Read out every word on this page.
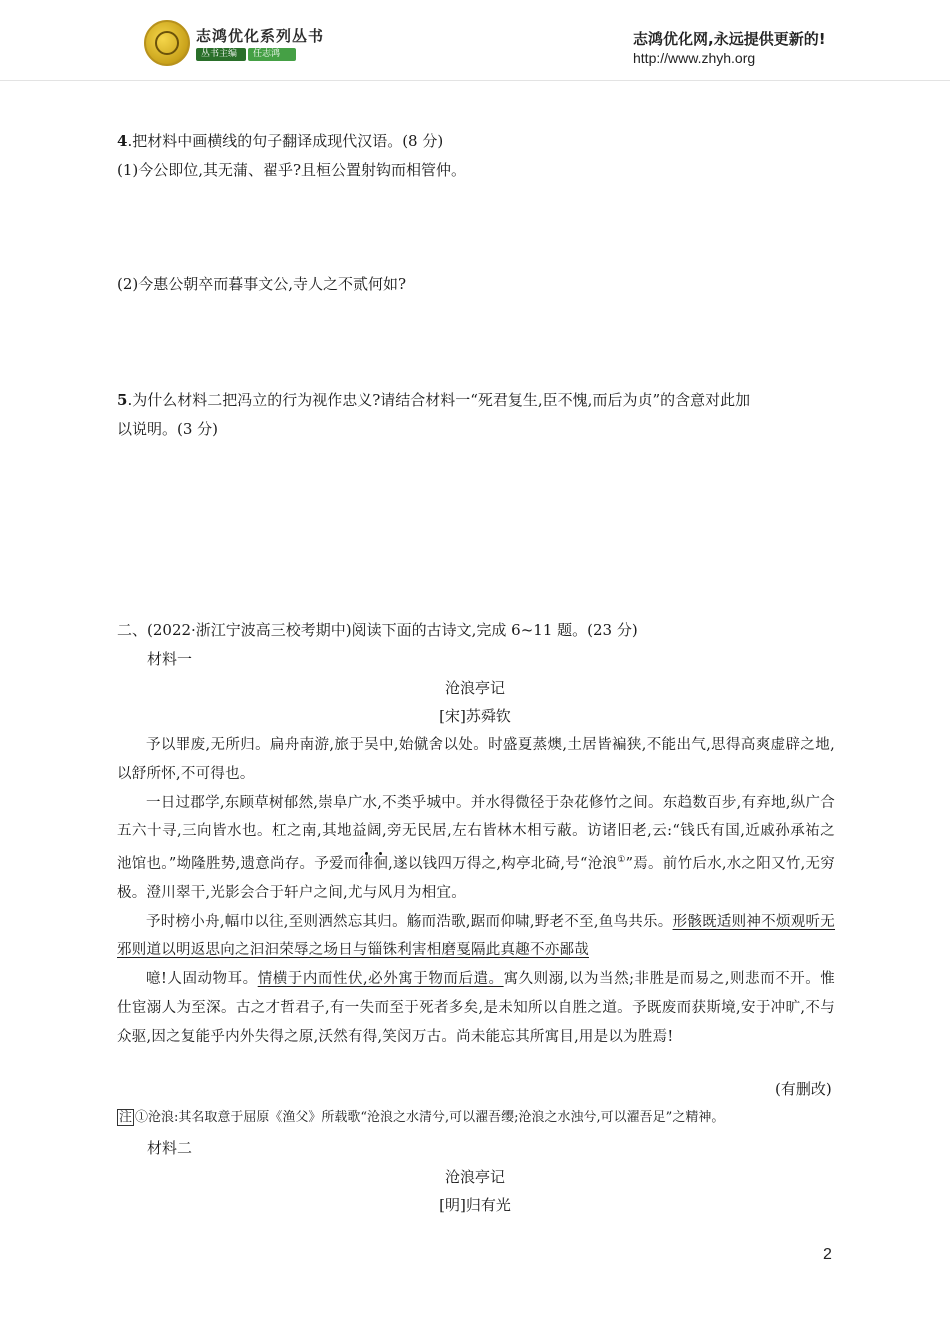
志鸿优化系列丛书
丛书主编 任志鸿
志鸿优化网,永远提供更新的!
http://www.zhyh.org
4.把材料中画横线的句子翻译成现代汉语。(8 分)
(1)今公即位,其无蒲、翟乎?且桓公置射钩而相管仲。
(2)今惠公朝卒而暮事文公,寺人之不贰何如?
5.为什么材料二把冯立的行为视作忠义?请结合材料一“死君复生,臣不愧,而后为贞”的含意对此加
以说明。(3 分)
二、(2022·浙江宁波高三校考期中)阅读下面的古诗文,完成 6~11 题。(23 分)
材料一
沧浪亭记
[宋]苏舜钦

予以罪废,无所归。扁舟南游,旅于吴中,始僦舍以处。时盛夏蒸燠,土居皆褊狭,不能出气,思得高爽虚辟之地,以舒所怀,不可得也。

一日过郡学,东顾草树郁然,崇阜广水,不类乎城中。并水得微径于杂花修竹之间。东趋数百步,有弃地,纵广合五六十寻,三向皆水也。杠之南,其地益阔,旁无民居,左右皆林木相亏蔽。访诸旧老,云:“钱氏有国,近戚孙承祐之池馆也。”坳隆胜势,遗意尚存。予爱而徘徊,遂以钱四万得之,构亭北碕,号“沧浪①”焉。前竹后水,水之阳又竹,无穷极。澄川翠干,光影会合于轩户之间,尤与风月为相宜。

予时榜小舟,幅巾以往,至则洒然忘其归。觞而浩歌,踞而仰啸,野老不至,鱼鸟共乐。形骸既适则神不烦观听无邪则道以明返思向之汩汩荣辱之场日与锱铢利害相磨戛隔此真趣不亦鄙哉

噫!人固动物耳。情横于内而性伏,必外寓于物而后遣。寓久则溺,以为当然;非胜是而易之,则悲而不开。惟仕宦溺人为至深。古之才哲君子,有一失而至于死者多矣,是未知所以自胜之道。予既废而获斯境,安于冲旷,不与众驱,因之复能乎内外失得之原,沃然有得,笑闵万古。尚未能忘其所寓目,用是以为胜焉!

(有删改)
注 ①沧浪:其名取意于屈原《渔父》所载歌“沧浪之水清兮,可以濯吾缨;沧浪之水浊兮,可以濯吾足”之精神。
材料二
沧浪亭记
[明]归有光
2
